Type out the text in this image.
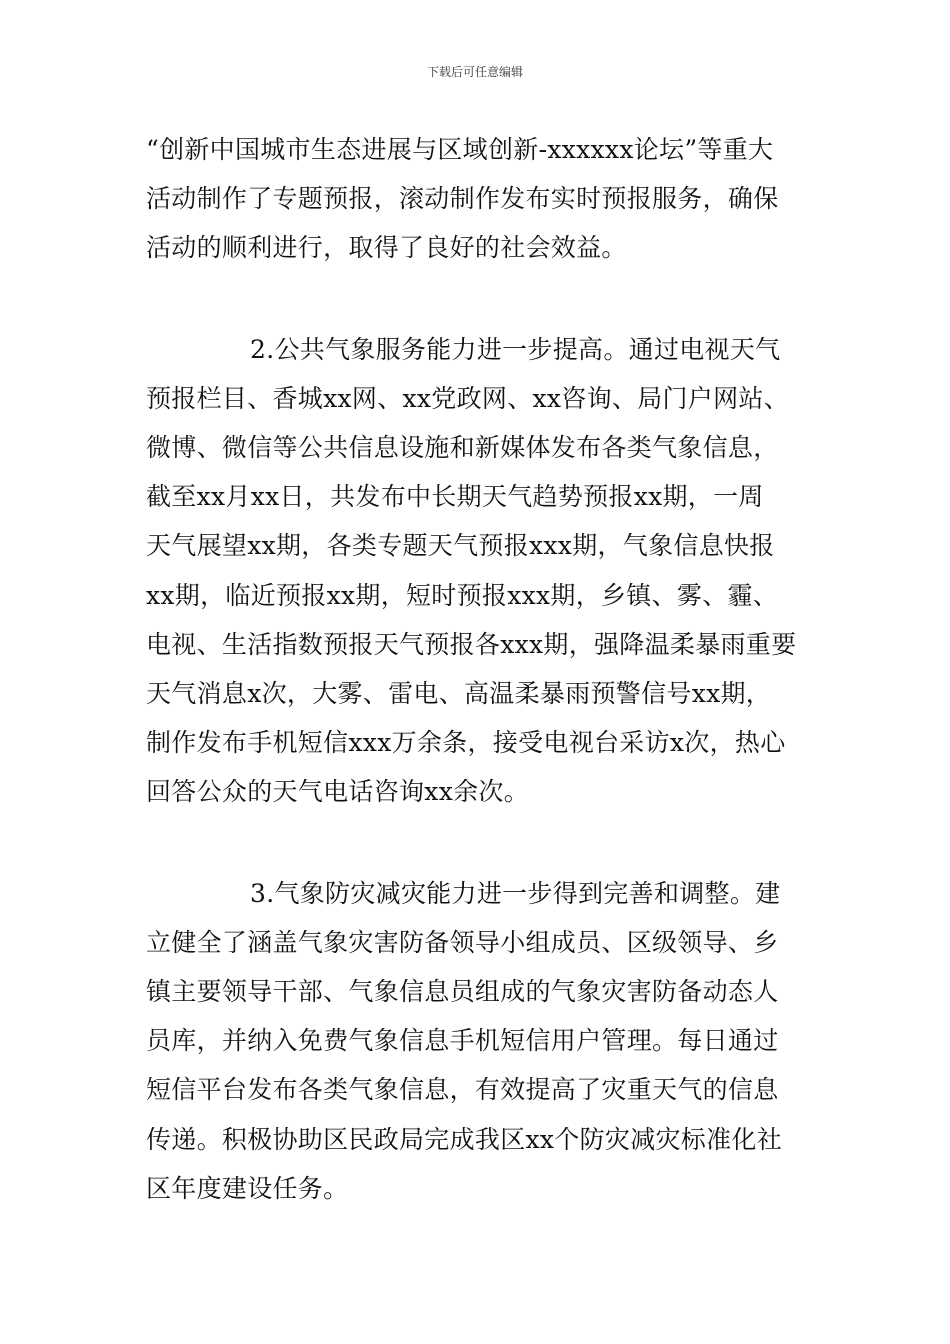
下载后可任意编辑
“创新中国城市生态进展与区域创新-xxxxxx论坛”等重大
活动制作了专题预报，滚动制作发布实时预报服务，确保
活动的顺利进行，取得了良好的社会效益。
2.公共气象服务能力进一步提高。通过电视天气
预报栏目、香城xx网、xx党政网、xx咨询、局门户网站、
微博、微信等公共信息设施和新媒体发布各类气象信息，
截至xx月xx日，共发布中长期天气趋势预报xx期，一周
天气展望xx期，各类专题天气预报xxx期，气象信息快报
xx期，临近预报xx期，短时预报xxx期，乡镇、雾、霾、
电视、生活指数预报天气预报各xxx期，强降温柔暴雨重要
天气消息x次，大雾、雷电、高温柔暴雨预警信号xx期，
制作发布手机短信xxx万余条，接受电视台采访x次，热心
回答公众的天气电话咨询xx余次。
3.气象防灾减灾能力进一步得到完善和调整。建
立健全了涵盖气象灾害防备领导小组成员、区级领导、乡
镇主要领导干部、气象信息员组成的气象灾害防备动态人
员库，并纳入免费气象信息手机短信用户管理。每日通过
短信平台发布各类气象信息，有效提高了灾重天气的信息
传递。积极协助区民政局完成我区xx个防灾减灾标准化社
区年度建设任务。
